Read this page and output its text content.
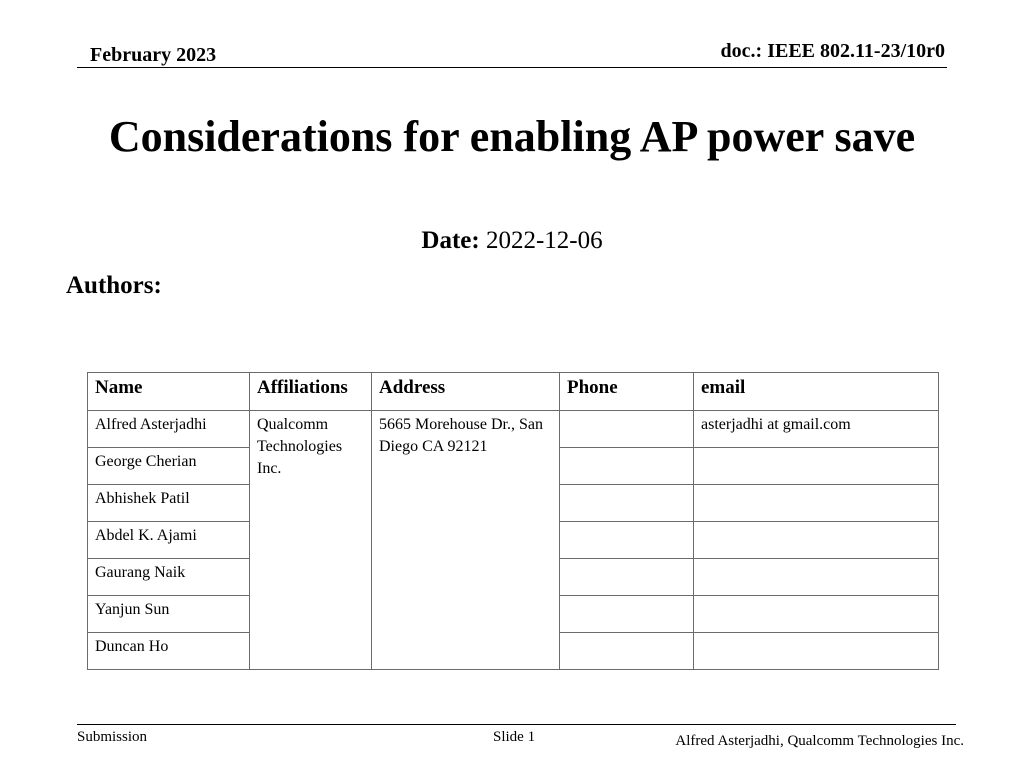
February 2023	doc.: IEEE 802.11-23/10r0
Considerations for enabling AP power save
Date: 2022-12-06
Authors:
Name	Affiliations	Address	Phone	email
Alfred Asterjadhi	Qualcomm Technologies Inc.	5665 Morehouse Dr., San Diego CA 92121		asterjadhi at gmail.com
George Cherian				
Abhishek Patil				
Abdel K. Ajami				
Gaurang Naik				
Yanjun Sun				
Duncan Ho				
Submission	Slide 1	Alfred Asterjadhi, Qualcomm Technologies Inc.
